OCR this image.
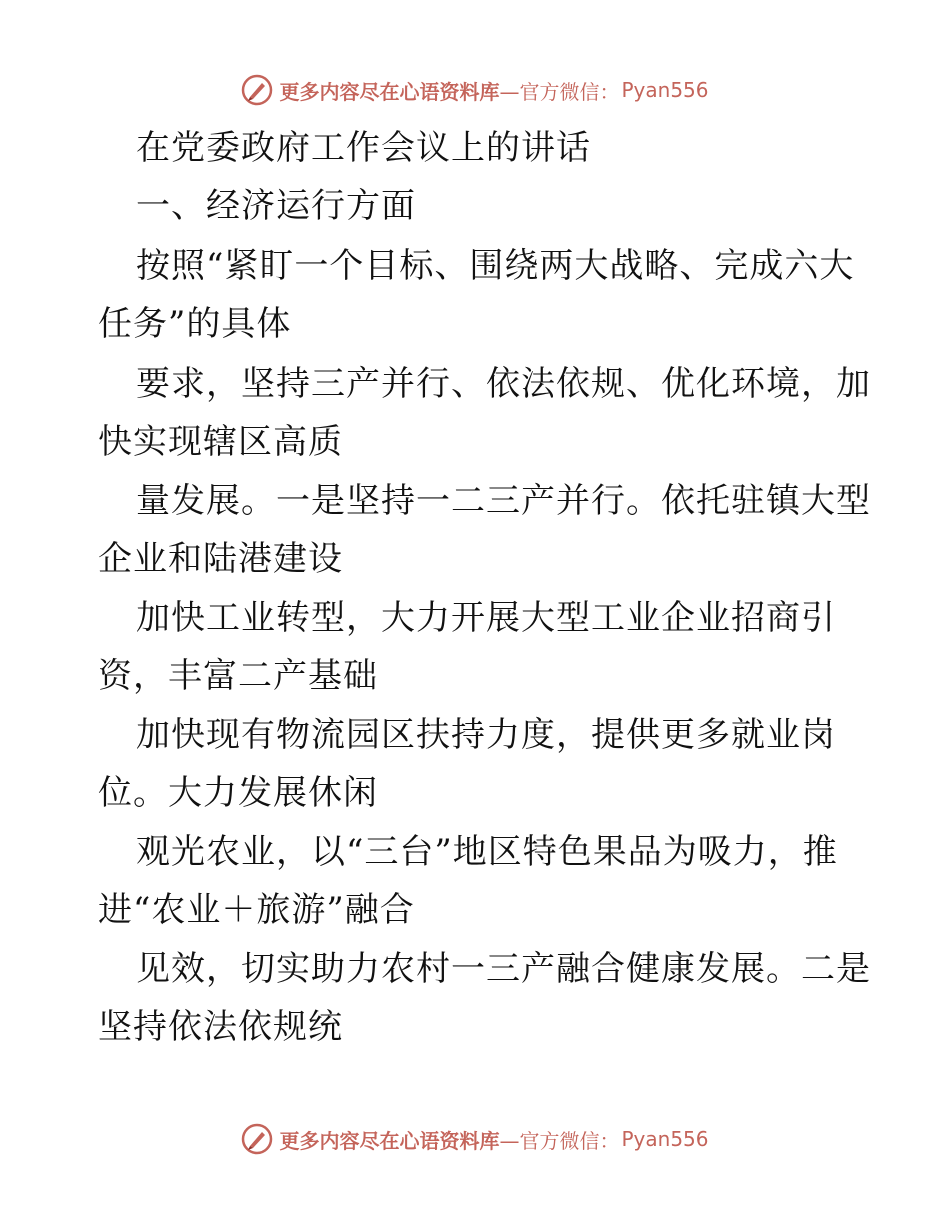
更多内容尽在心语资料库 —官方微信： Pyan556
在党委政府工作会议上的讲话
一、经济运行方面
按照“紧盯一个目标、围绕两大战略、完成六大
任务”的具体
要求，坚持三产并行、依法依规、优化环境，加
快实现辖区高质
量发展。一是坚持一二三产并行。依托驻镇大型
企业和陆港建设
加快工业转型，大力开展大型工业企业招商引
资，丰富二产基础
加快现有物流园区扶持力度，提供更多就业岗
位。大力发展休闲
观光农业，以“三台”地区特色果品为吸力，推
进“农业＋旅游”融合
见效，切实助力农村一三产融合健康发展。二是
坚持依法依规统
更多内容尽在心语资料库 —官方微信： Pyan556
